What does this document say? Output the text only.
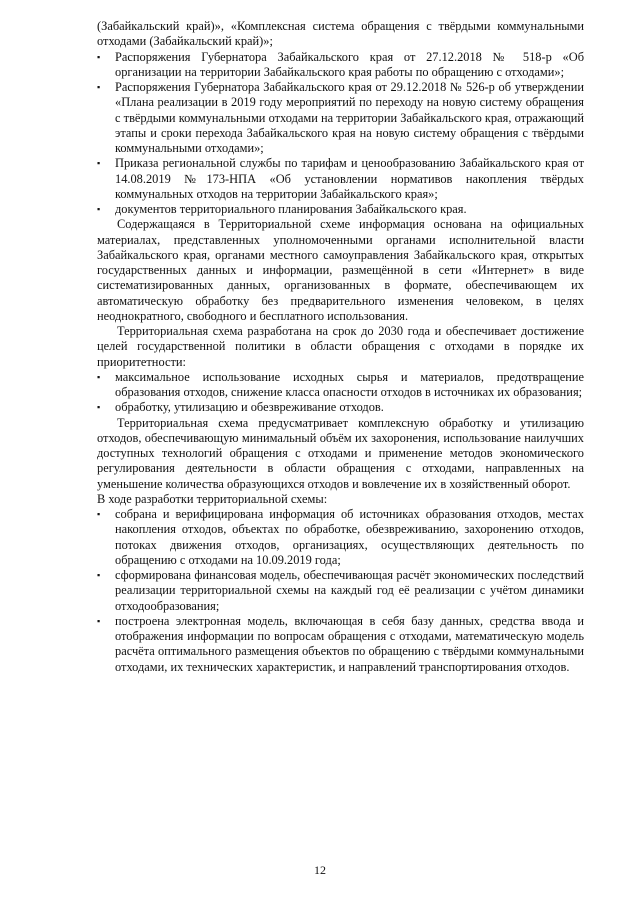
(Забайкальский край)», «Комплексная система обращения с твёрдыми коммунальными отходами (Забайкальский край)»;

▪	Распоряжения Губернатора Забайкальского края от 27.12.2018 № 518-р «Об организации на территории Забайкальского края работы по обращению с отходами»;

▪	Распоряжения Губернатора Забайкальского края от 29.12.2018 № 526-р об утверждении «Плана реализации в 2019 году мероприятий по переходу на новую систему обращения с твёрдыми коммунальными отходами на территории Забайкальского края, отражающий этапы и сроки перехода Забайкальского края на новую систему обращения с твёрдыми коммунальными отходами»;

▪	Приказа региональной службы по тарифам и ценообразованию Забайкальского края от 14.08.2019 №173-НПА «Об установлении нормативов накопления твёрдых коммунальных отходов на территории Забайкальского края»;

▪	документов территориального планирования Забайкальского края.

Содержащаяся в Территориальной схеме информация основана на официальных материалах, представленных уполномоченными органами исполнительной власти Забайкальского края, органами местного самоуправления Забайкальского края, открытых государственных данных и информации, размещённой в сети «Интернет» в виде систематизированных данных, организованных в формате, обеспечивающем их автоматическую обработку без предварительного изменения человеком, в целях неоднократного, свободного и бесплатного использования.

Территориальная схема разработана на срок до 2030 года и обеспечивает достижение целей государственной политики в области обращения с отходами в порядке их приоритетности:

▪	максимальное использование исходных сырья и материалов, предотвращение образования отходов, снижение класса опасности отходов в источниках их образования;

▪	обработку, утилизацию и обезвреживание отходов.

Территориальная схема предусматривает комплексную обработку и утилизацию отходов, обеспечивающую минимальный объём их захоронения, использование наилучших доступных технологий обращения с отходами и применение методов экономического регулирования деятельности в области обращения с отходами, направленных на уменьшение количества образующихся отходов и вовлечение их в хозяйственный оборот.

В ходе разработки территориальной схемы:

▪	собрана и верифицирована информация об источниках образования отходов, местах накопления отходов, объектах по обработке, обезвреживанию, захоронению отходов, потоках движения отходов, организациях, осуществляющих деятельность по обращению с отходами на 10.09.2019 года;

▪	сформирована финансовая модель, обеспечивающая расчёт экономических последствий реализации территориальной схемы на каждый год её реализации с учётом динамики отходообразования;

▪	построена электронная модель, включающая в себя базу данных, средства ввода и отображения информации по вопросам обращения с отходами, математическую модель расчёта оптимального размещения объектов по обращению с твёрдыми коммунальными отходами, их технических характеристик, и направлений транспортирования отходов.

12
